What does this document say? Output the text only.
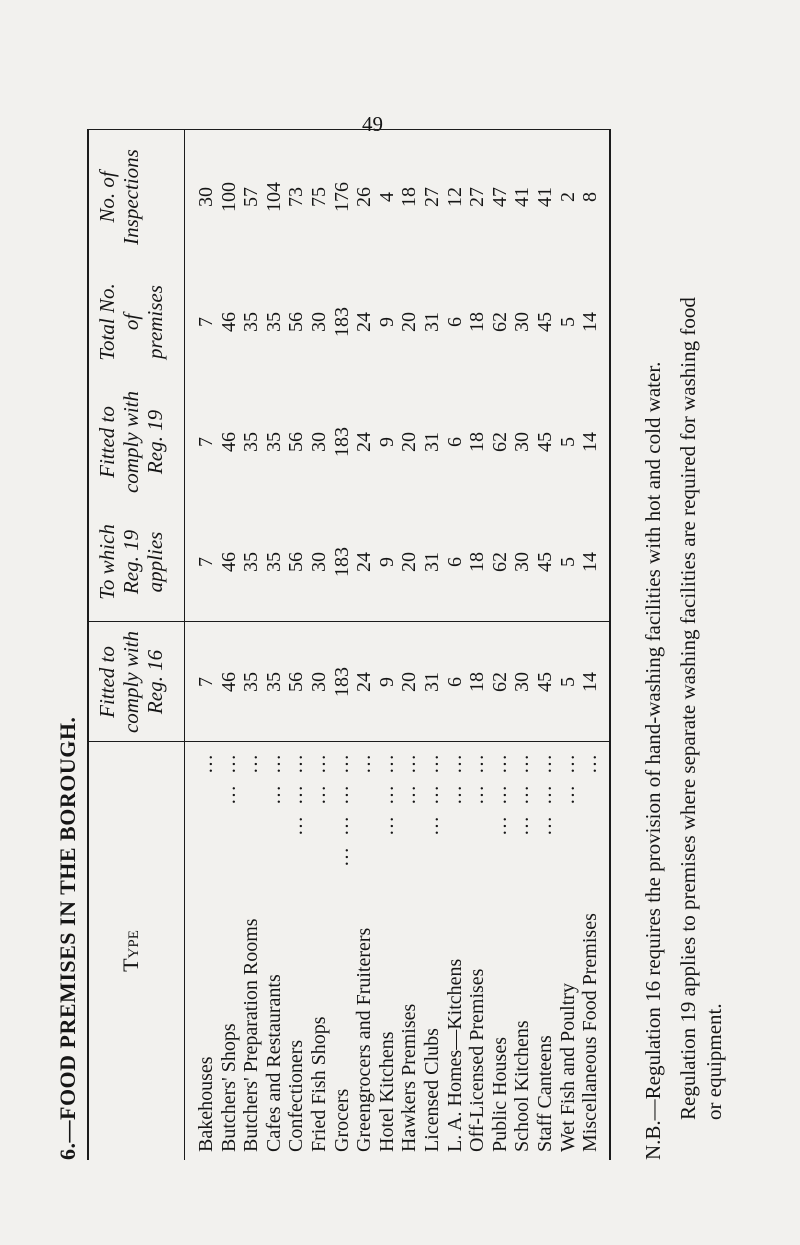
49
6.—FOOD PREMISES IN THE BOROUGH. Type
Fitted to comply with Reg. 16
To which Reg. 19 applies
Fitted to comply with Reg. 19
Total No. of premises
No. of Inspections
Bakehouses
…
Butchers' Shops
… …
Butchers' Preparation Rooms
…
Cafes and Restaurants
… …
Confectioners
… … …
Fried Fish Shops
… …
Grocers
… … … …
Greengrocers and Fruiterers
…
Hotel Kitchens
… … …
Hawkers Premises
… …
Licensed Clubs
… … …
L. A. Homes—Kitchens
… …
Off-Licensed Premises
… …
Public Houses
… … …
School Kitchens
… … …
Staff Canteens
… … …
Wet Fish and Poultry
… …
Miscellaneous Food Premises
…
7 46 35 35 56 30 183 24 9 20 31 6 18 62 30 45 5 14
7 46 35 35 56 30 183 24 9 20 31 6 18 62 30 45 5 14
7 46 35 35 56 30 183 24 9 20 31 6 18 62 30 45 5 14
7 46 35 35 56 30 183 24 9 20 31 6 18 62 30 45 5 14
30 100 57 104 73 75 176 26 4 18 27 12 27 47 41 41 2 8
N.B.—Regulation 16 requires the provision of hand-washing facilities with hot and cold water. Regulation 19 applies to premises where separate washing facilities are required for washing food or equipment.
